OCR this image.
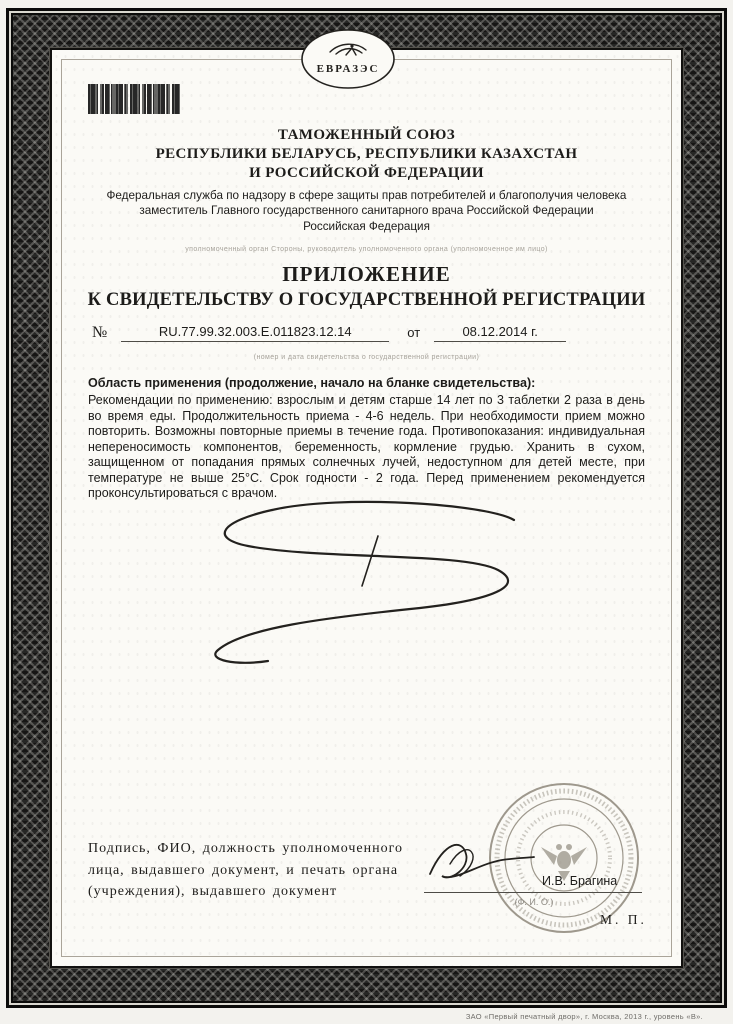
ЕВРАЗЭС
ТАМОЖЕННЫЙ СОЮЗ
РЕСПУБЛИКИ БЕЛАРУСЬ, РЕСПУБЛИКИ КАЗАХСТАН
И РОССИЙСКОЙ ФЕДЕРАЦИИ
Федеральная служба по надзору в сфере защиты прав потребителей и благополучия человека
заместитель Главного государственного санитарного врача Российской Федерации
Российская Федерация
уполномоченный орган Стороны, руководитель уполномоченного органа (уполномоченное им лицо)
ПРИЛОЖЕНИЕ
К СВИДЕТЕЛЬСТВУ О ГОСУДАРСТВЕННОЙ РЕГИСТРАЦИИ
№	RU.77.99.32.003.Е.011823.12.14	от	08.12.2014 г.
(номер и дата свидетельства о государственной регистрации)
Область применения (продолжение, начало на бланке свидетельства):
Рекомендации по применению: взрослым и детям старше 14 лет по 3 таблетки 2 раза в день во время еды. Продолжительность приема - 4-6 недель. При необходимости прием можно повторить. Возможны повторные приемы в течение года. Противопоказания: индивидуальная непереносимость компонентов, беременность, кормление грудью. Хранить в сухом, защищенном от попадания прямых солнечных лучей, недоступном для детей месте, при температуре не выше 25°С. Срок годности - 2 года. Перед применением рекомендуется проконсультироваться с врачом.
Подпись, ФИО, должность уполномоченного
лица, выдавшего документ, и печать органа
(учреждения), выдавшего документ
И.В. Брагина
(Ф. И. О.)
М. П.
ЗАО «Первый печатный двор», г. Москва, 2013 г., уровень «В».
